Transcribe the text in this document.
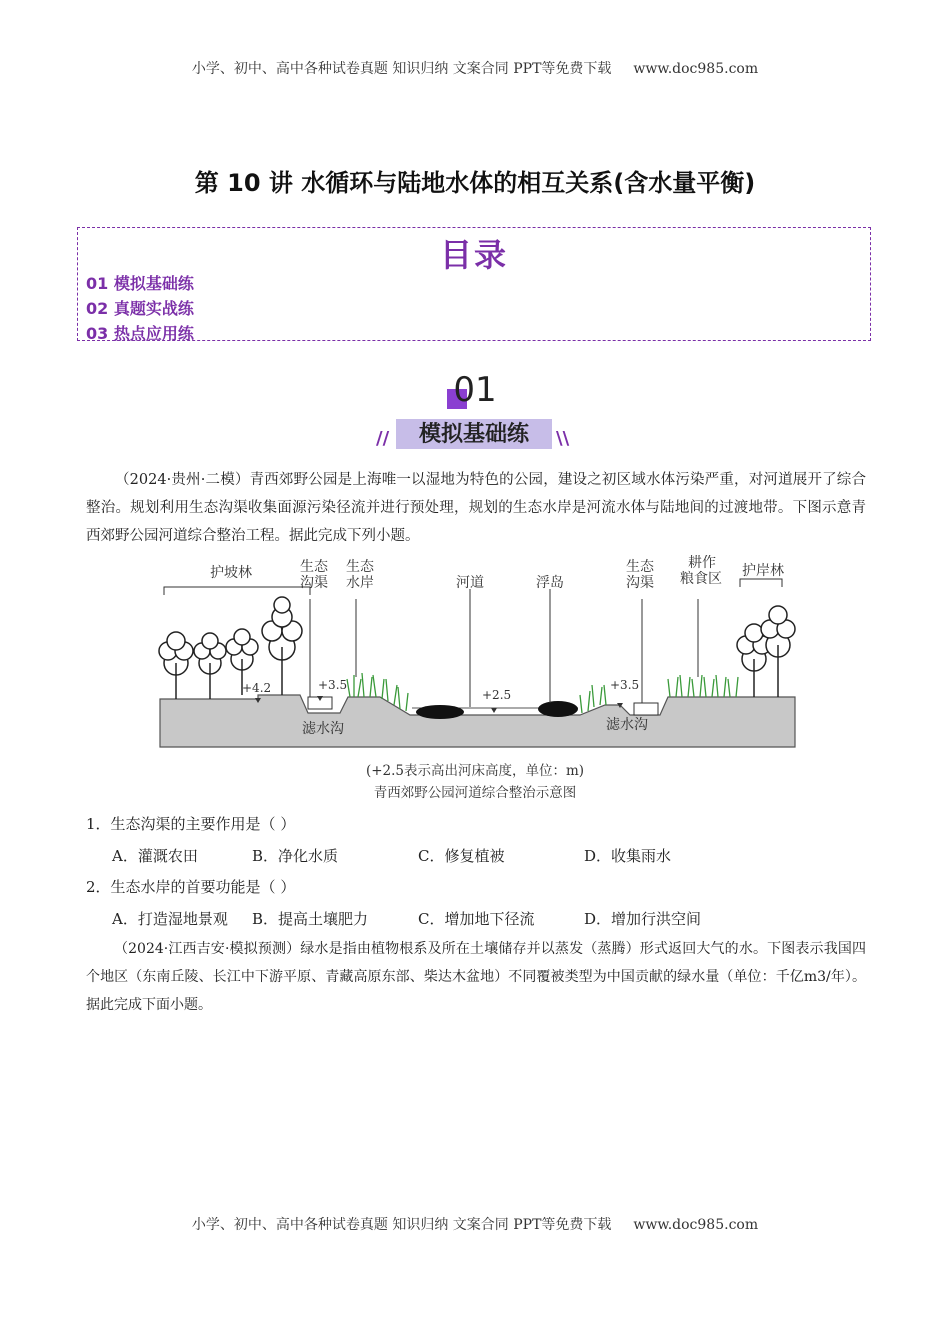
小学、初中、高中各种试卷真题 知识归纳 文案合同 PPT等免费下载 www.doc985.com
第 10 讲 水循环与陆地水体的相互关系(含水量平衡)
目录
01 模拟基础练
02 真题实战练
03 热点应用练
01
//	\\
模拟基础练

（2024·贵州·二模）青西郊野公园是上海唯一以湿地为特色的公园，建设之初区域水体污染严重，对河道展开了综合整治。规划利用生态沟渠收集面源污染径流并进行预处理，规划的生态水岸是河流水体与陆地间的过渡地带。下图示意青西郊野公园河道综合整治工程。据此完成下列小题。

护坡林	生态
沟渠
生态
水岸	河道	浮岛
生态
沟渠
耕作
粮食区 护岸林
+4.2	+3.5
+2.5
+3.5
滤水沟	滤水沟
(+2.5表示高出河床高度，单位：m)
青西郊野公园河道综合整治示意图
1．生态沟渠的主要作用是（ ）
A．灌溉农田	B．净化水质	C．修复植被	D．收集雨水
2．生态水岸的首要功能是（ ）
A．打造湿地景观 B．提高土壤肥力	C．增加地下径流	D．增加行洪空间

（2024·江西吉安·模拟预测）绿水是指由植物根系及所在土壤储存并以蒸发（蒸腾）形式返回大气的水。下图表示我国四个地区（东南丘陵、长江中下游平原、青藏高原东部、柴达木盆地）不同覆被类型为中国贡献的绿水量（单位：千亿m3/年）。据此完成下面小题。

小学、初中、高中各种试卷真题 知识归纳 文案合同 PPT等免费下载 www.doc985.com
